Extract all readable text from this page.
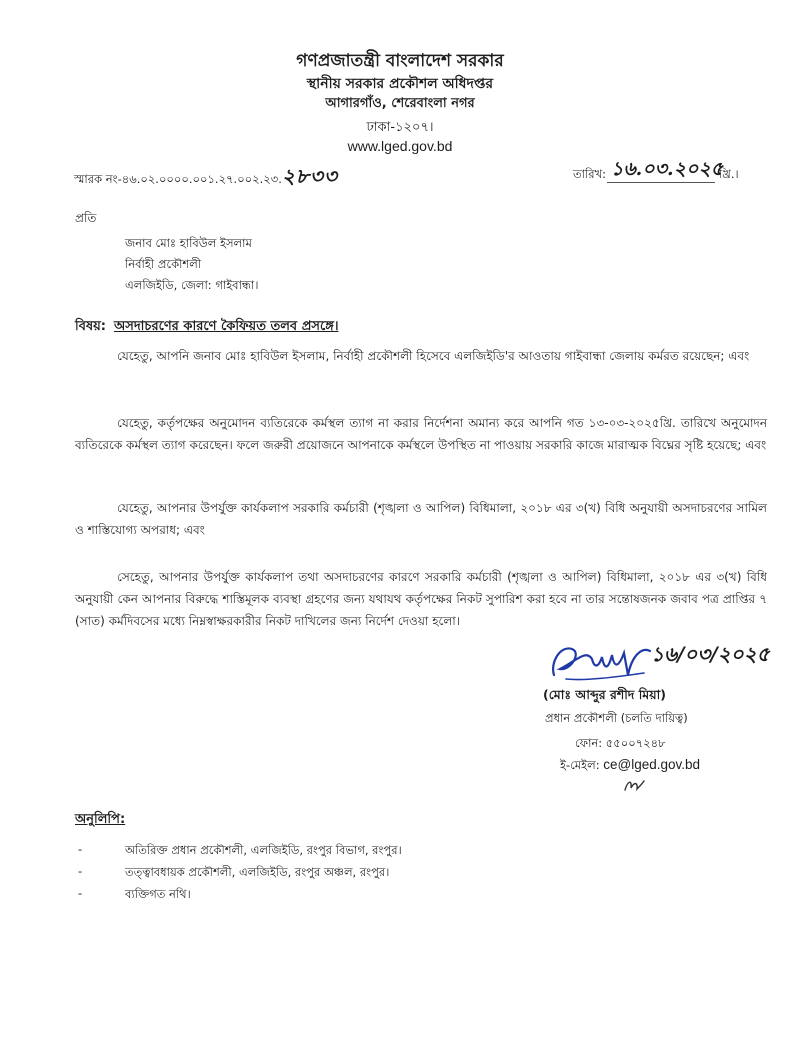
গণপ্রজাতন্ত্রী বাংলাদেশ সরকার
স্থানীয় সরকার প্রকৌশল অধিদপ্তর
আগারগাঁও, শেরেবাংলা নগর
ঢাকা-১২০৭।
www.lged.gov.bd
স্মারক নং-৪৬.০২.০০০০.০০১.২৭.০০২.২৩.২৮৩৩	তারিখ: ১৬.০৩.২০২৫
খ্রি.।
প্রতি
জনাব মোঃ হাবিউল ইসলাম
নির্বাহী প্রকৌশলী
এলজিইডি, জেলা: গাইবান্ধা।
বিষয়: অসদাচরণের কারণে কৈফিয়ত তলব প্রসঙ্গে।
যেহেতু, আপনি জনাব মোঃ হাবিউল ইসলাম, নির্বাহী প্রকৌশলী হিসেবে এলজিইডি'র আওতায় গাইবান্ধা জেলায় কর্মরত রয়েছেন; এবং
যেহেতু, কর্তৃপক্ষের অনুমোদন ব্যতিরেকে কর্মস্থল ত্যাগ না করার নির্দেশনা অমান্য করে আপনি গত ১৩-০৩-২০২৫খ্রি. তারিখে অনুমোদন ব্যতিরেকে কর্মস্থল ত্যাগ করেছেন। ফলে জরুরী প্রয়োজনে আপনাকে কর্মস্থলে উপস্থিত না পাওয়ায় সরকারি কাজে মারাত্মক বিঘ্নের সৃষ্টি হয়েছে; এবং
যেহেতু, আপনার উপর্যুক্ত কার্যকলাপ সরকারি কর্মচারী (শৃঙ্খলা ও আপিল) বিধিমালা, ২০১৮ এর ৩(খ) বিধি অনুযায়ী অসদাচরণের সামিল ও শাস্তিযোগ্য অপরাধ; এবং
সেহেতু, আপনার উপর্যুক্ত কার্যকলাপ তথা অসদাচরণের কারণে সরকারি কর্মচারী (শৃঙ্খলা ও আপিল) বিধিমালা, ২০১৮ এর ৩(খ) বিধি অনুযায়ী কেন আপনার বিরুদ্ধে শাস্তিমূলক ব্যবস্থা গ্রহণের জন্য যথাযথ কর্তৃপক্ষের নিকট সুপারিশ করা হবে না তার সন্তোষজনক জবাব পত্র প্রাপ্তির ৭ (সাত) কর্মদিবসের মধ্যে নিম্নস্বাক্ষরকারীর নিকট দাখিলের জন্য নির্দেশ দেওয়া হলো।
১৬/০৩/২০২৫
(মোঃ আব্দুর রশীদ মিয়া)
প্রধান প্রকৌশলী (চলতি দায়িত্ব)
ফোন: ৫৫০০৭২৪৮
ই-মেইল: ce@lged.gov.bd
অনুলিপি:
-	অতিরিক্ত প্রধান প্রকৌশলী, এলজিইডি, রংপুর বিভাগ, রংপুর।
-	তত্ত্বাবধায়ক প্রকৌশলী, এলজিইডি, রংপুর অঞ্চল, রংপুর।
-	ব্যক্তিগত নথি।
